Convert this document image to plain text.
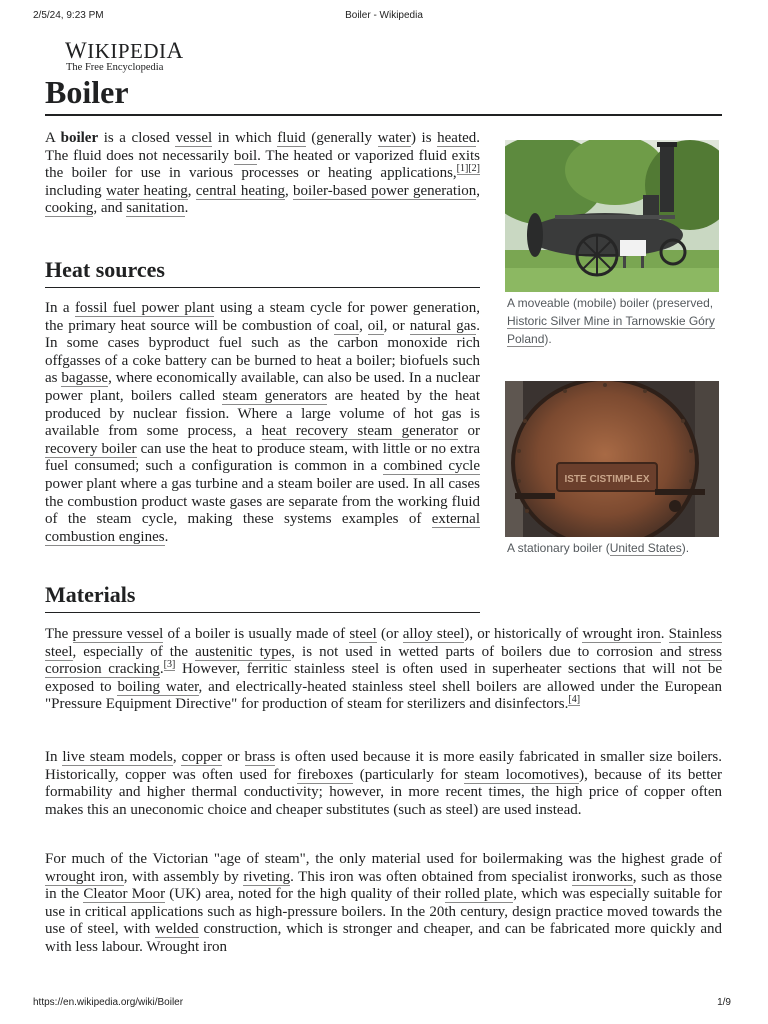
2/5/24, 9:23 PM	Boiler - Wikipedia
WIKIPEDIA
The Free Encyclopedia
Boiler

A boiler is a closed vessel in which fluid (generally water) is heated. The fluid does not necessarily boil. The heated or vaporized fluid exits the boiler for use in various processes or heating applications,[1][2] including water heating, central heating, boiler-based power generation, cooking, and sanitation.

Heat sources

In a fossil fuel power plant using a steam cycle for power generation, the primary heat source will be combustion of coal, oil, or natural gas. In some cases byproduct fuel such as the carbon monoxide rich offgasses of a coke battery can be burned to heat a boiler; biofuels such as bagasse, where economically available, can also be used. In a nuclear power plant, boilers called steam generators are heated by the heat produced by nuclear fission. Where a large volume of hot gas is available from some process, a heat recovery steam generator or recovery boiler can use the heat to produce steam, with little or no extra fuel consumed; such a configuration is common in a combined cycle power plant where a gas turbine and a steam boiler are used. In all cases the combustion product waste gases are separate from the working fluid of the steam cycle, making these systems examples of external combustion engines.

A moveable (mobile) boiler (preserved, Historic Silver Mine in Tarnowskie Góry Poland).
ISTE CISTIMPLEX
A stationary boiler (United States).
Materials

The pressure vessel of a boiler is usually made of steel (or alloy steel), or historically of wrought iron. Stainless steel, especially of the austenitic types, is not used in wetted parts of boilers due to corrosion and stress corrosion cracking.[3] However, ferritic stainless steel is often used in superheater sections that will not be exposed to boiling water, and electrically-heated stainless steel shell boilers are allowed under the European "Pressure Equipment Directive" for production of steam for sterilizers and disinfectors.[4]

In live steam models, copper or brass is often used because it is more easily fabricated in smaller size boilers. Historically, copper was often used for fireboxes (particularly for steam locomotives), because of its better formability and higher thermal conductivity; however, in more recent times, the high price of copper often makes this an uneconomic choice and cheaper substitutes (such as steel) are used instead.

For much of the Victorian "age of steam", the only material used for boilermaking was the highest grade of wrought iron, with assembly by riveting. This iron was often obtained from specialist ironworks, such as those in the Cleator Moor (UK) area, noted for the high quality of their rolled plate, which was especially suitable for use in critical applications such as high-pressure boilers. In the 20th century, design practice moved towards the use of steel, with welded construction, which is stronger and cheaper, and can be fabricated more quickly and with less labour. Wrought iron

https://en.wikipedia.org/wiki/Boiler	1/9
